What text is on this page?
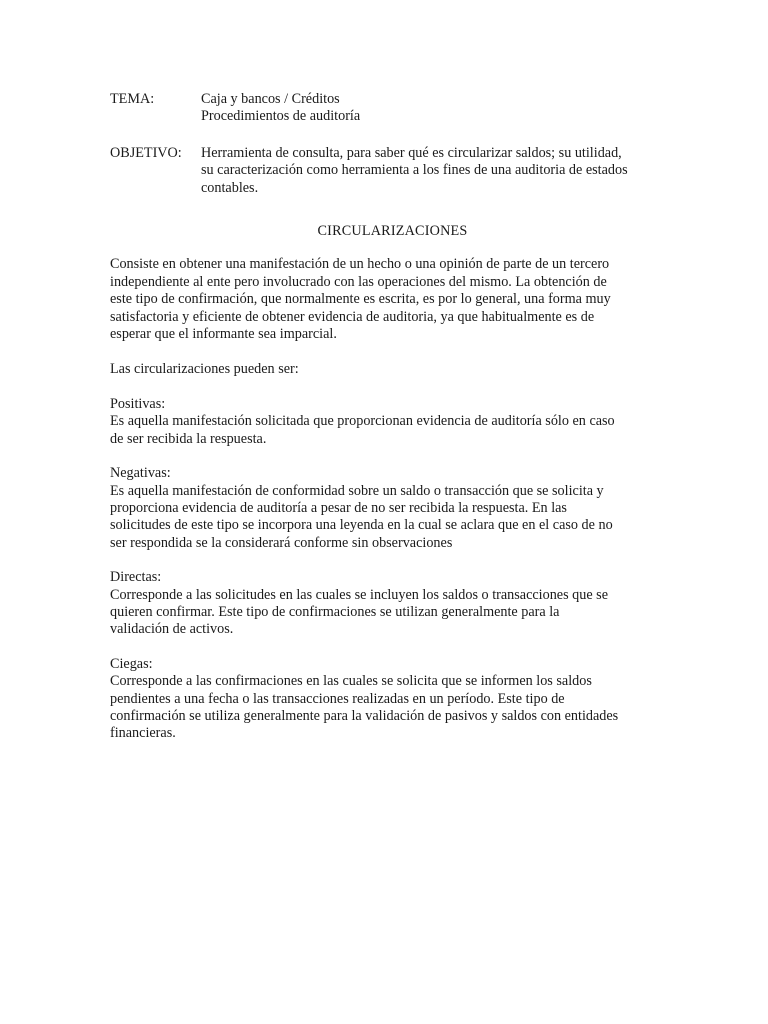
TEMA:	Caja y bancos / Créditos
Procedimientos de auditoría
OBJETIVO:	Herramienta de consulta, para saber qué es circularizar saldos; su utilidad,
su caracterización como herramienta a los fines de una auditoria de estados
contables.
CIRCULARIZACIONES

Consiste en obtener una manifestación de un hecho o una opinión de parte de un tercero
independiente al ente pero involucrado con las operaciones del mismo. La obtención de
este tipo de confirmación, que normalmente es escrita, es por lo general, una forma muy
satisfactoria y eficiente de obtener evidencia de auditoria, ya que habitualmente es de
esperar que el informante sea imparcial.

Las circularizaciones pueden ser:

Positivas:
Es aquella manifestación solicitada que proporcionan evidencia de auditoría sólo en caso
de ser recibida la respuesta.
Negativas:
Es aquella manifestación de conformidad sobre un saldo o transacción que se solicita y
proporciona evidencia de auditoría a pesar de no ser recibida la respuesta. En las
solicitudes de este tipo se incorpora una leyenda en la cual se aclara que en el caso de no
ser respondida se la considerará conforme sin observaciones
Directas:
Corresponde a las solicitudes en las cuales se incluyen los saldos o transacciones que se
quieren confirmar. Este tipo de confirmaciones se utilizan generalmente para la
validación de activos.
Ciegas:
Corresponde a las confirmaciones en las cuales se solicita que se informen los saldos
pendientes a una fecha o las transacciones realizadas en un período. Este tipo de
confirmación se utiliza generalmente para la validación de pasivos y saldos con entidades
financieras.
